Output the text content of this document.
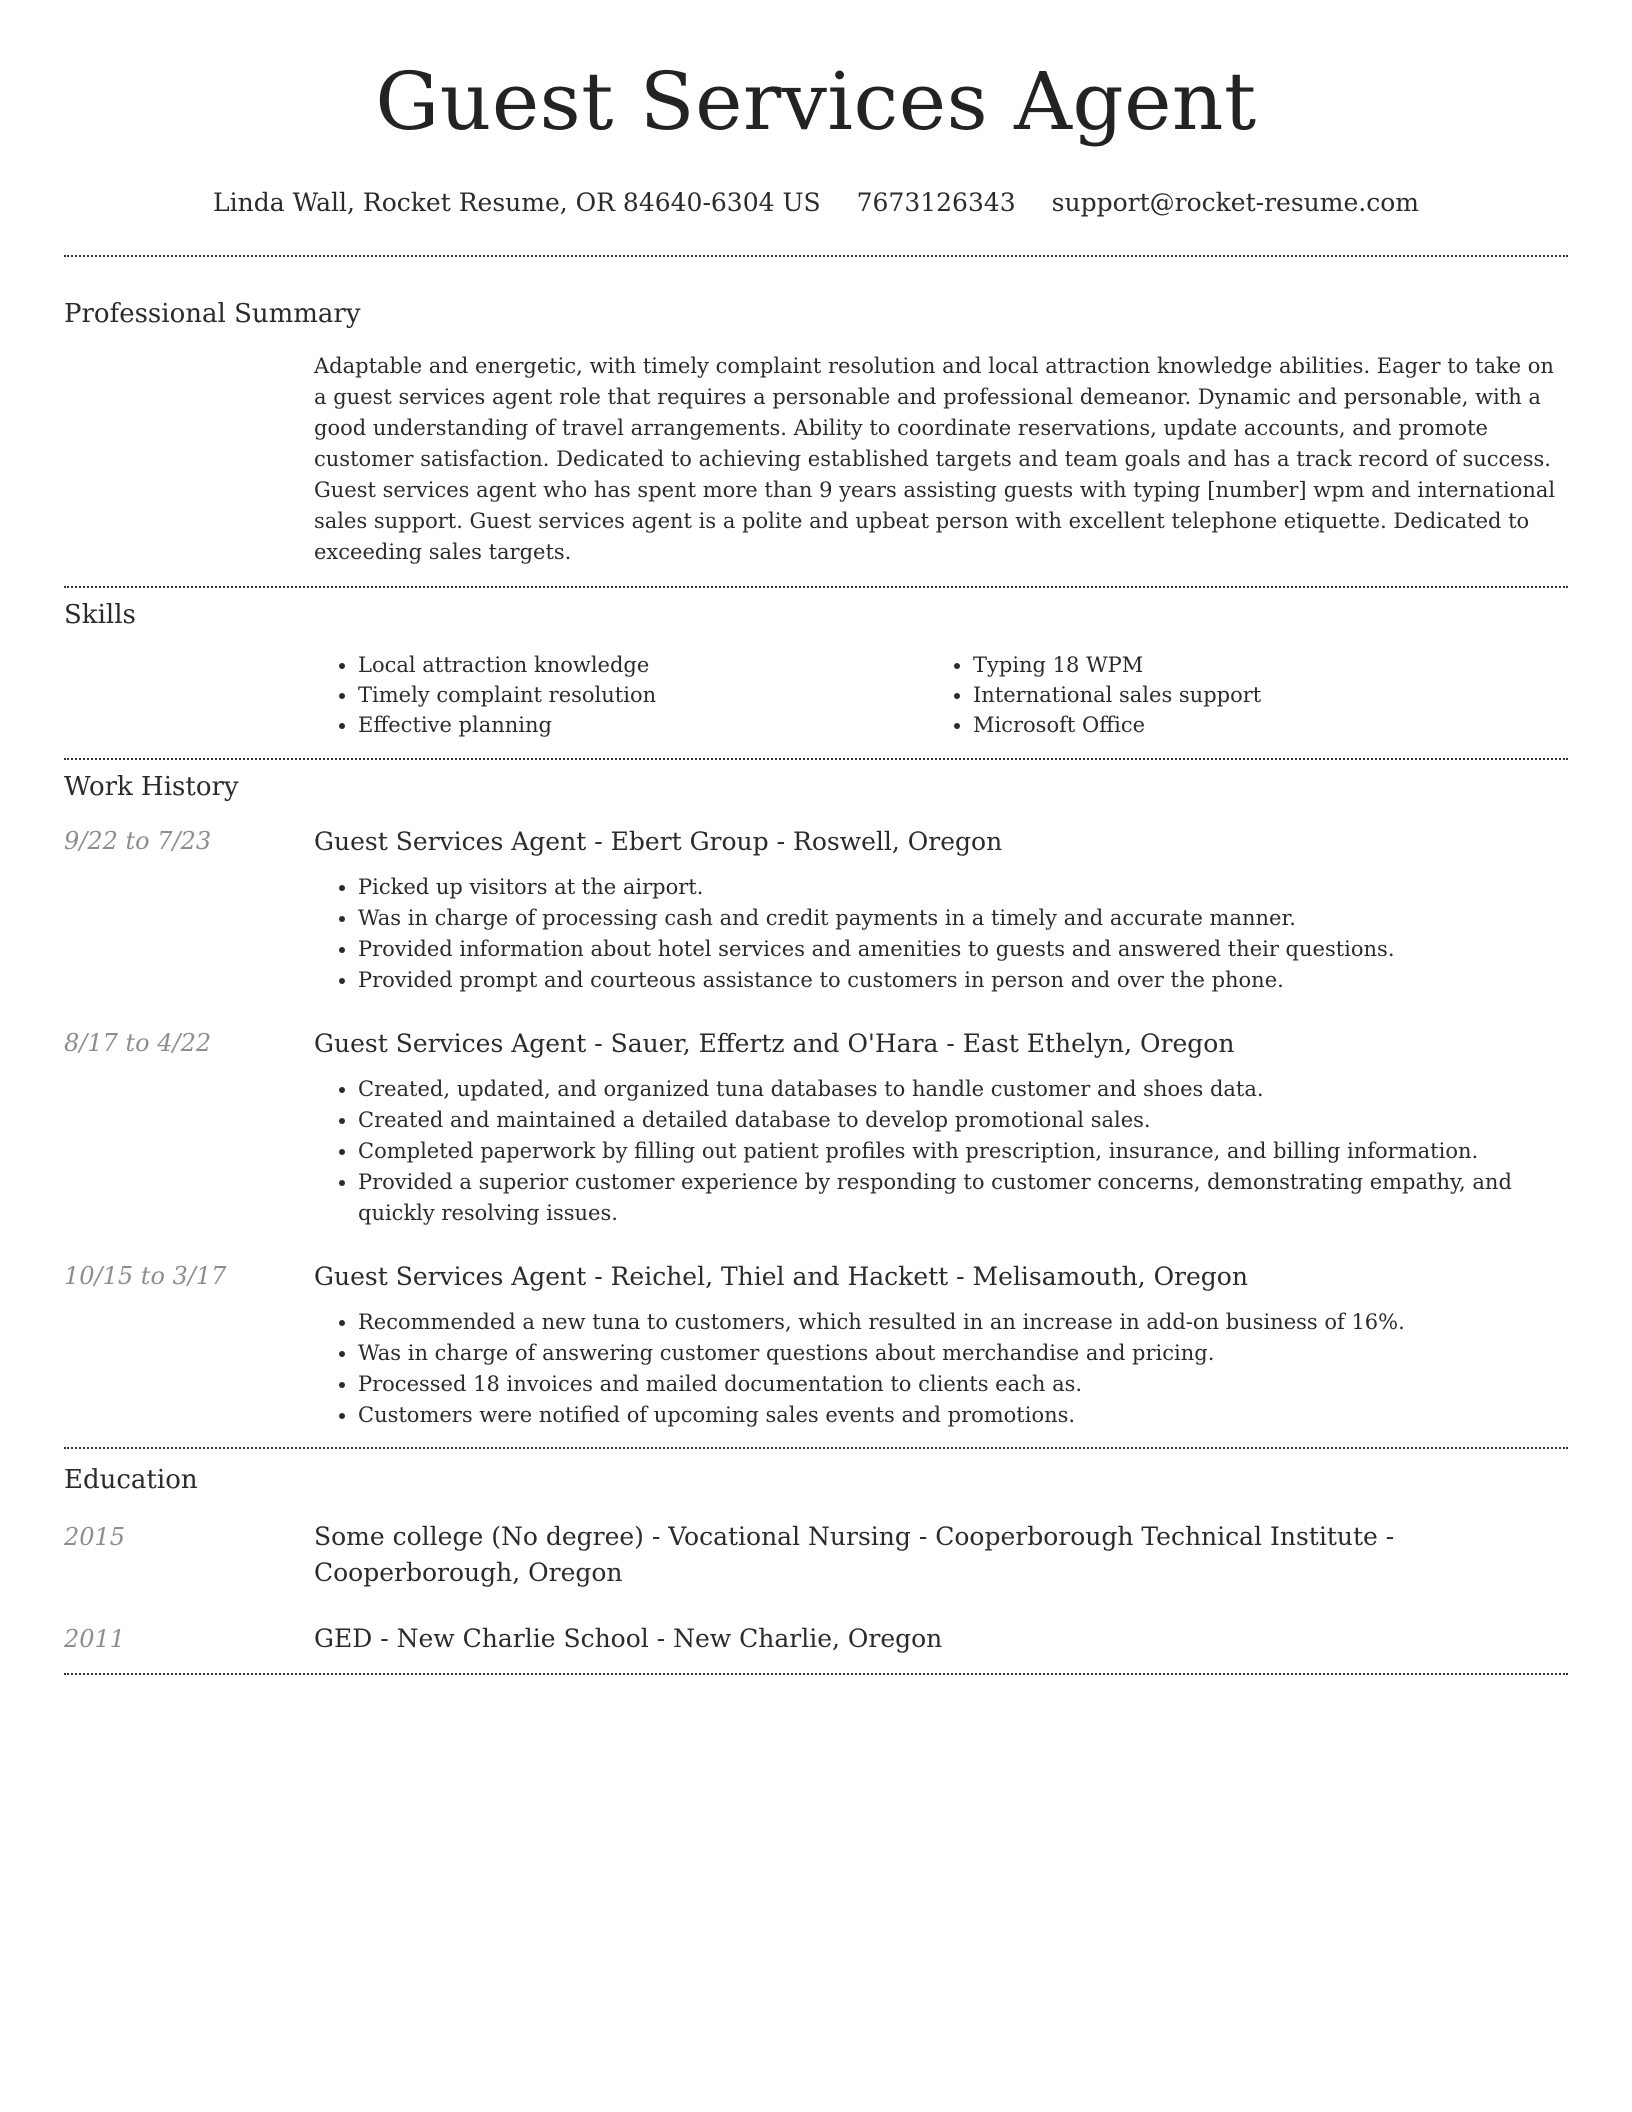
Guest Services Agent
Linda Wall, Rocket Resume, OR 84640-6304 US 7673126343 support@rocket-resume.com
Professional Summary

Adaptable and energetic, with timely complaint resolution and local attraction knowledge abilities. Eager to take on a guest services agent role that requires a personable and professional demeanor. Dynamic and personable, with a good understanding of travel arrangements. Ability to coordinate reservations, update accounts, and promote customer satisfaction. Dedicated to achieving established targets and team goals and has a track record of success. Guest services agent who has spent more than 9 years assisting guests with typing [number] wpm and international sales support. Guest services agent is a polite and upbeat person with excellent telephone etiquette. Dedicated to exceeding sales targets.

Skills
• Local attraction knowledge
• Timely complaint resolution
• Effective planning
• Typing 18 WPM
• International sales support
• Microsoft Office
Work History
9/22 to 7/23	Guest Services Agent - Ebert Group - Roswell, Oregon
• Picked up visitors at the airport.
• Was in charge of processing cash and credit payments in a timely and accurate manner.
• Provided information about hotel services and amenities to guests and answered their questions.
• Provided prompt and courteous assistance to customers in person and over the phone.
8/17 to 4/22	Guest Services Agent - Sauer, Effertz and O'Hara - East Ethelyn, Oregon
• Created, updated, and organized tuna databases to handle customer and shoes data.
• Created and maintained a detailed database to develop promotional sales.
• Completed paperwork by filling out patient profiles with prescription, insurance, and billing information.
• Provided a superior customer experience by responding to customer concerns, demonstrating empathy, and quickly resolving issues.
10/15 to 3/17	Guest Services Agent - Reichel, Thiel and Hackett - Melisamouth, Oregon
• Recommended a new tuna to customers, which resulted in an increase in add-on business of 16%.
• Was in charge of answering customer questions about merchandise and pricing.
• Processed 18 invoices and mailed documentation to clients each as.
• Customers were notified of upcoming sales events and promotions.
Education
2015	Some college (No degree) - Vocational Nursing - Cooperborough Technical Institute - Cooperborough, Oregon
2011	GED - New Charlie School - New Charlie, Oregon
